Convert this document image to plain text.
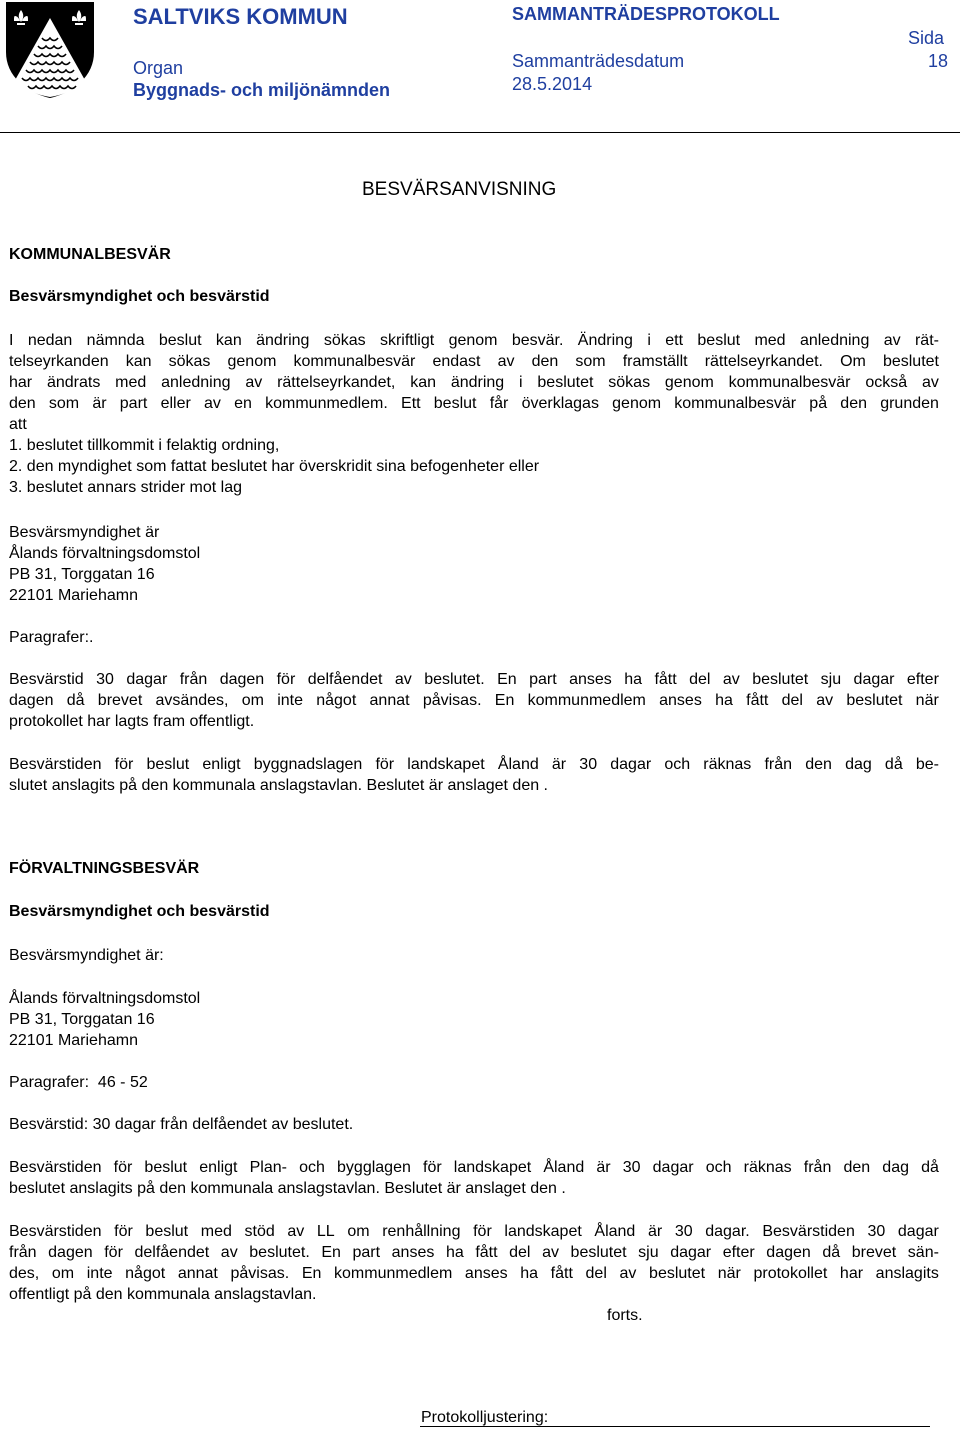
SALTVIKS KOMMUN
Organ
Byggnads- och miljönämnden
SAMMANTRÄDESPROTOKOLL
Sammanträdesdatum
28.5.2014
Sida
18
BESVÄRSANVISNING
KOMMUNALBESVÄR
Besvärsmyndighet och besvärstid
I nedan nämnda beslut kan ändring sökas skriftligt genom besvär. Ändring i ett beslut med anledning av rät-
telseyrkanden kan sökas genom kommunalbesvär endast av den som framställt rättelseyrkandet. Om beslutet
har ändrats med anledning av rättelseyrkandet, kan ändring i beslutet sökas genom kommunalbesvär också av
den som är part eller av en kommunmedlem. Ett beslut får överklagas genom kommunalbesvär på den grunden
att
1. beslutet tillkommit i felaktig ordning,
2. den myndighet som fattat beslutet har överskridit sina befogenheter eller
3. beslutet annars strider mot lag
Besvärsmyndighet är
Ålands förvaltningsdomstol
PB 31, Torggatan 16
22101 Mariehamn
Paragrafer:.
Besvärstid 30 dagar från dagen för delfåendet av beslutet. En part anses ha fått del av beslutet sju dagar efter
dagen då brevet avsändes, om inte något annat påvisas. En kommunmedlem anses ha fått del av beslutet när
protokollet har lagts fram offentligt.
Besvärstiden för beslut enligt byggnadslagen för landskapet Åland är 30 dagar och räknas från den dag då be-
slutet anslagits på den kommunala anslagstavlan. Beslutet är anslaget den .
FÖRVALTNINGSBESVÄR
Besvärsmyndighet och besvärstid
Besvärsmyndighet är:
Ålands förvaltningsdomstol
PB 31, Torggatan 16
22101 Mariehamn
Paragrafer:  46 - 52
Besvärstid: 30 dagar från delfåendet av beslutet.
Besvärstiden för beslut enligt Plan- och bygglagen för landskapet Åland är 30 dagar och räknas från den dag då
beslutet anslagits på den kommunala anslagstavlan. Beslutet är anslaget den .
Besvärstiden för beslut med stöd av LL om renhållning för landskapet Åland är 30 dagar. Besvärstiden 30 dagar
från dagen för delfåendet av beslutet. En part anses ha fått del av beslutet sju dagar efter dagen då brevet sän-
des, om inte något annat påvisas. En kommunmedlem anses ha fått del av beslutet när protokollet har anslagits
offentligt på den kommunala anslagstavlan.
forts.
Protokolljustering:
